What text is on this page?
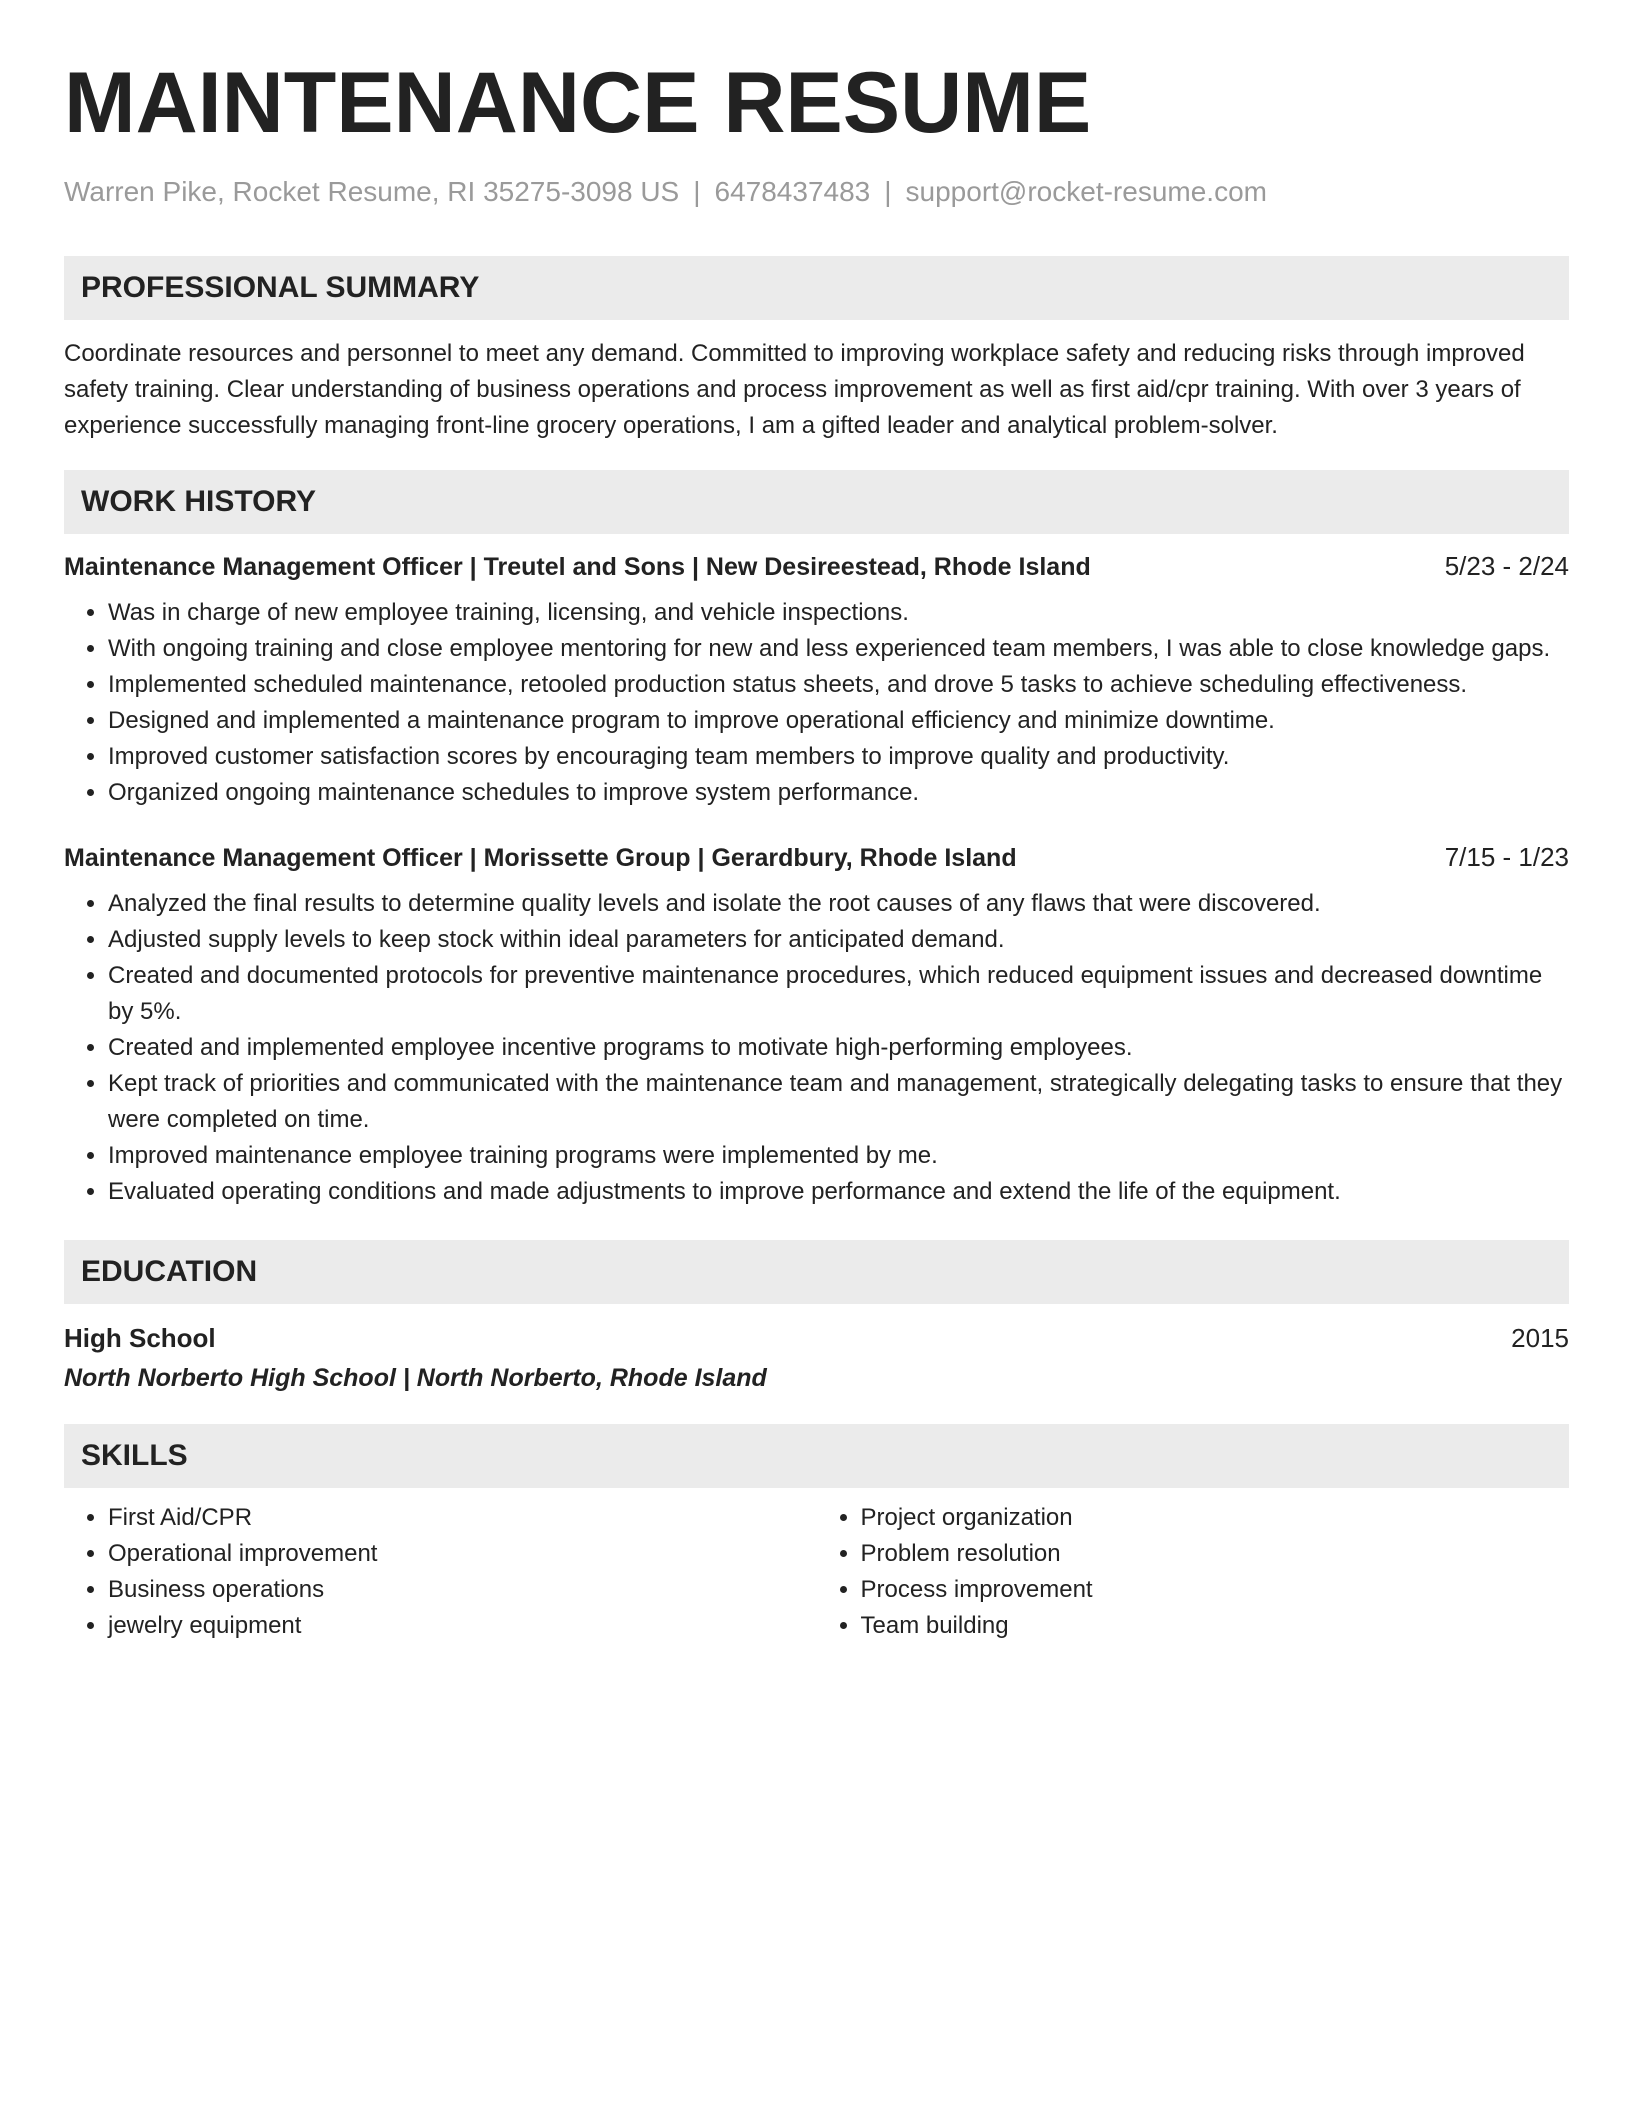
MAINTENANCE RESUME
Warren Pike, Rocket Resume, RI 35275-3098 US | 6478437483 | support@rocket-resume.com
PROFESSIONAL SUMMARY

Coordinate resources and personnel to meet any demand. Committed to improving workplace safety and reducing risks through improved safety training. Clear understanding of business operations and process improvement as well as first aid/cpr training. With over 3 years of experience successfully managing front-line grocery operations, I am a gifted leader and analytical problem-solver.

WORK HISTORY
Maintenance Management Officer | Treutel and Sons | New Desireestead, Rhode Island	5/23 - 2/24
• Was in charge of new employee training, licensing, and vehicle inspections.
• With ongoing training and close employee mentoring for new and less experienced team members, I was able to close knowledge gaps.
• Implemented scheduled maintenance, retooled production status sheets, and drove 5 tasks to achieve scheduling effectiveness.
• Designed and implemented a maintenance program to improve operational efficiency and minimize downtime.
• Improved customer satisfaction scores by encouraging team members to improve quality and productivity.
• Organized ongoing maintenance schedules to improve system performance.
Maintenance Management Officer | Morissette Group | Gerardbury, Rhode Island	7/15 - 1/23
• Analyzed the final results to determine quality levels and isolate the root causes of any flaws that were discovered.
• Adjusted supply levels to keep stock within ideal parameters for anticipated demand.
• Created and documented protocols for preventive maintenance procedures, which reduced equipment issues and decreased downtime by 5%.
• Created and implemented employee incentive programs to motivate high-performing employees.
• Kept track of priorities and communicated with the maintenance team and management, strategically delegating tasks to ensure that they were completed on time.
• Improved maintenance employee training programs were implemented by me.
• Evaluated operating conditions and made adjustments to improve performance and extend the life of the equipment.
EDUCATION
High School	2015
North Norberto High School | North Norberto, Rhode Island
SKILLS
• First Aid/CPR
• Operational improvement
• Business operations
• jewelry equipment
• Project organization
• Problem resolution
• Process improvement
• Team building
